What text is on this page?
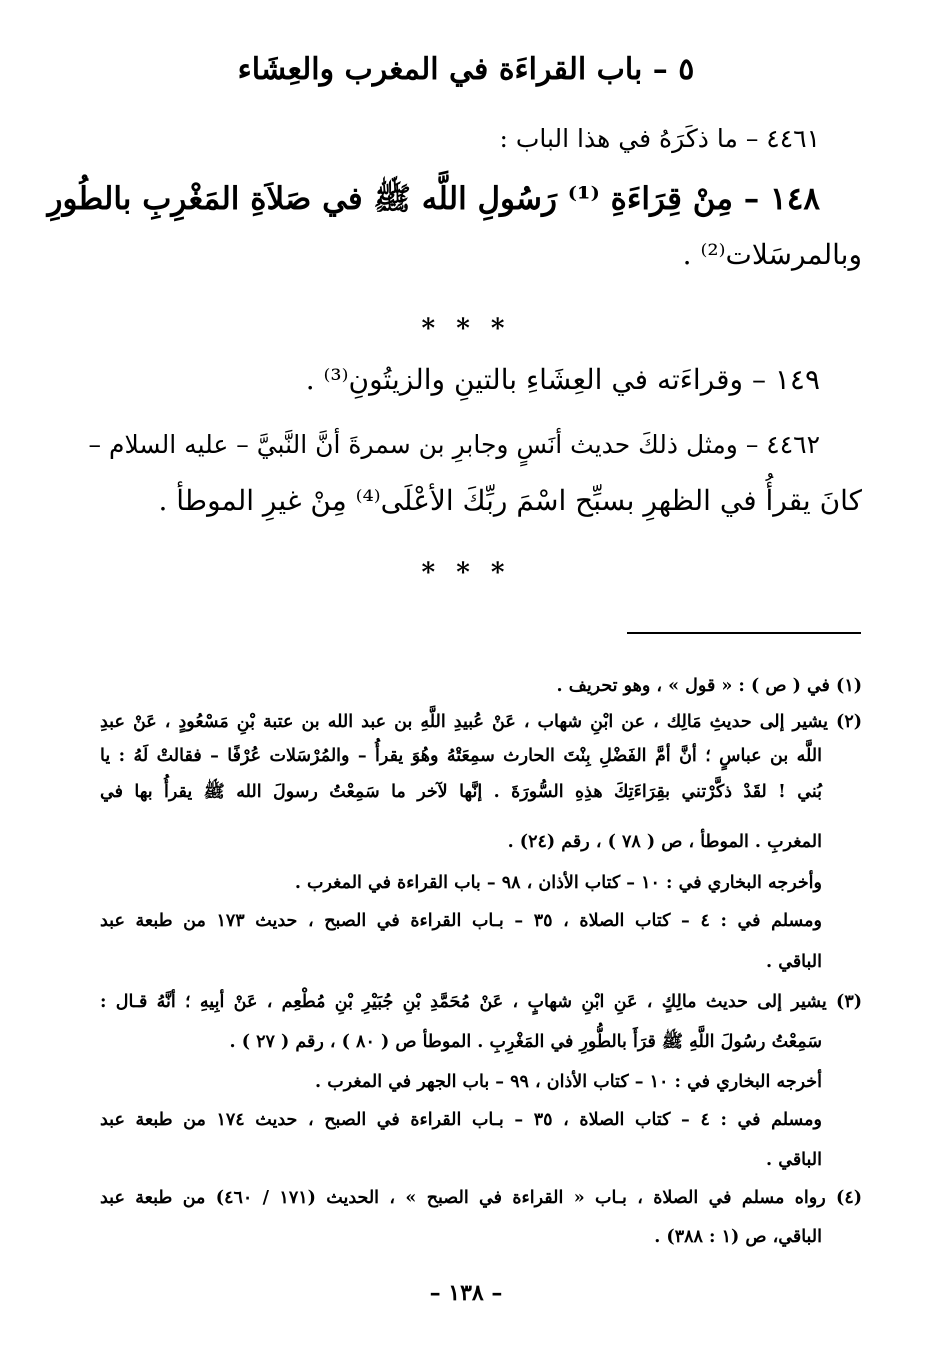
٥ – باب القراءَة في المغرب والعِشَاء
٤٤٦١ – ما ذكَرَهُ في هذا الباب :
١٤٨ – مِنْ قِرَاءَةِ ⁽¹⁾ رَسُولِ اللَّه ﷺ في صَلاَةِ المَغْرِبِ بالطُورِ
وبالمرسَلات⁽²⁾ .
* * *
١٤٩ – وقراءَته في العِشَاءِ بالتينِ والزيتُونِ⁽³⁾ .
٤٤٦٢ – ومثل ذلكَ حديث أنَسٍ وجابرِ بن سمرةَ أنَّ النَّبيَّ – عليه السلام –
كانَ يقرأُ في الظهرِ بسبِّح اسْمَ ربِّكَ الأعْلَى⁽⁴⁾ مِنْ غيرِ الموطأ .
* * *
(١) في ( ص ) : « قول » ، وهو تحريف .
(٢) يشير إلى حديثِ مَالِك ، عن ابْنِ شهاب ، عَنْ عُبيدِ اللَّهِ بن عبد الله بن عتبة بْنِ مَسْعُودٍ ، عَنْ عبدِ
اللَّه بن عباسٍ ؛ أنَّ أمَّ الفَضْلِ بِنْتَ الحارث سمِعَتْهُ وهُوَ يقرأُ – والمُرْسَلات عُرْفًا – فقالتْ لَهُ : يا
بُني ! لقَدْ ذكَّرْتني بقِرَاءَتِكَ هذِهِ السُّورَةَ . إنَّها لآخر ما سَمِعْتُ رسولَ الله ﷺ يقرأُ بها في
المغربِ . الموطأ ، ص ( ٧٨ ) ، رقم (٢٤) .
وأخرجه البخاري في : ١٠ – كتاب الأذان ، ٩٨ – باب القراءة في المغرب .
ومسلم في : ٤ – كتاب الصلاة ، ٣٥ – بـاب القراءة في الصبح ، حديث ١٧٣ من طبعة عبد
الباقي .
(٣) يشير إلى حديث مالِكٍ ، عَنِ ابْنِ شهابٍ ، عَنْ مُحَمَّدِ بْنِ جُبَيْرِ بْنِ مُطْعِم ، عَنْ أبِيهِ ؛ أنَّهُ قـال :
سَمِعْتُ رسُولَ اللَّهِ ﷺ قرَأَ بالطُّورِ في المَغْرِبِ . الموطأ ص ( ٨٠ ) ، رقم ( ٢٧ ) .
أخرجه البخاري في : ١٠ – كتاب الأذان ، ٩٩ – باب الجهر في المغرب .
ومسلم في : ٤ – كتاب الصلاة ، ٣٥ – بـاب القراءة في الصبح ، حديث ١٧٤ من طبعة عبد
الباقي .
(٤) رواه مسلم في الصلاة ، بـاب « القراءة في الصبح » ، الحديث (١٧١ / ٤٦٠) من طبعة عبد
الباقي، ص (١ : ٣٨٨) .
– ١٣٨ –
